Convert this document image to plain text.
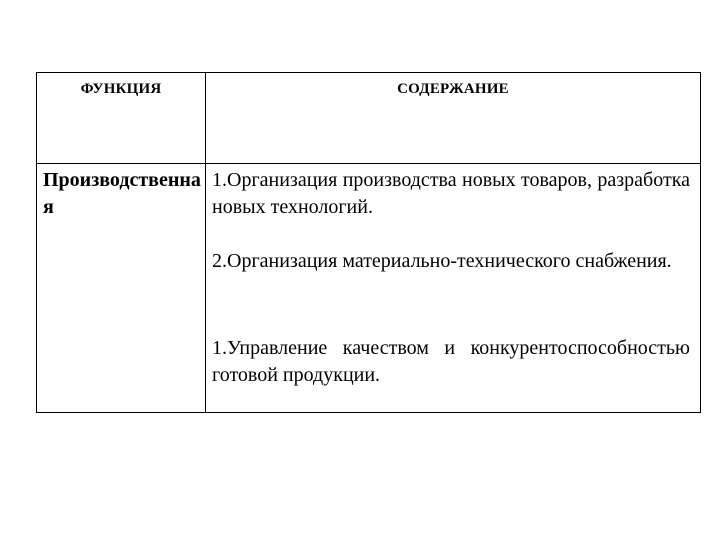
ФУНКЦИЯ	СОДЕРЖАНИЕ
Производственная
1.Организация производства новых товаров, разработка новых технологий.
2.Организация материально-технического снабжения.
1.Управление качеством и конкурентоспособностью готовой продукции.
